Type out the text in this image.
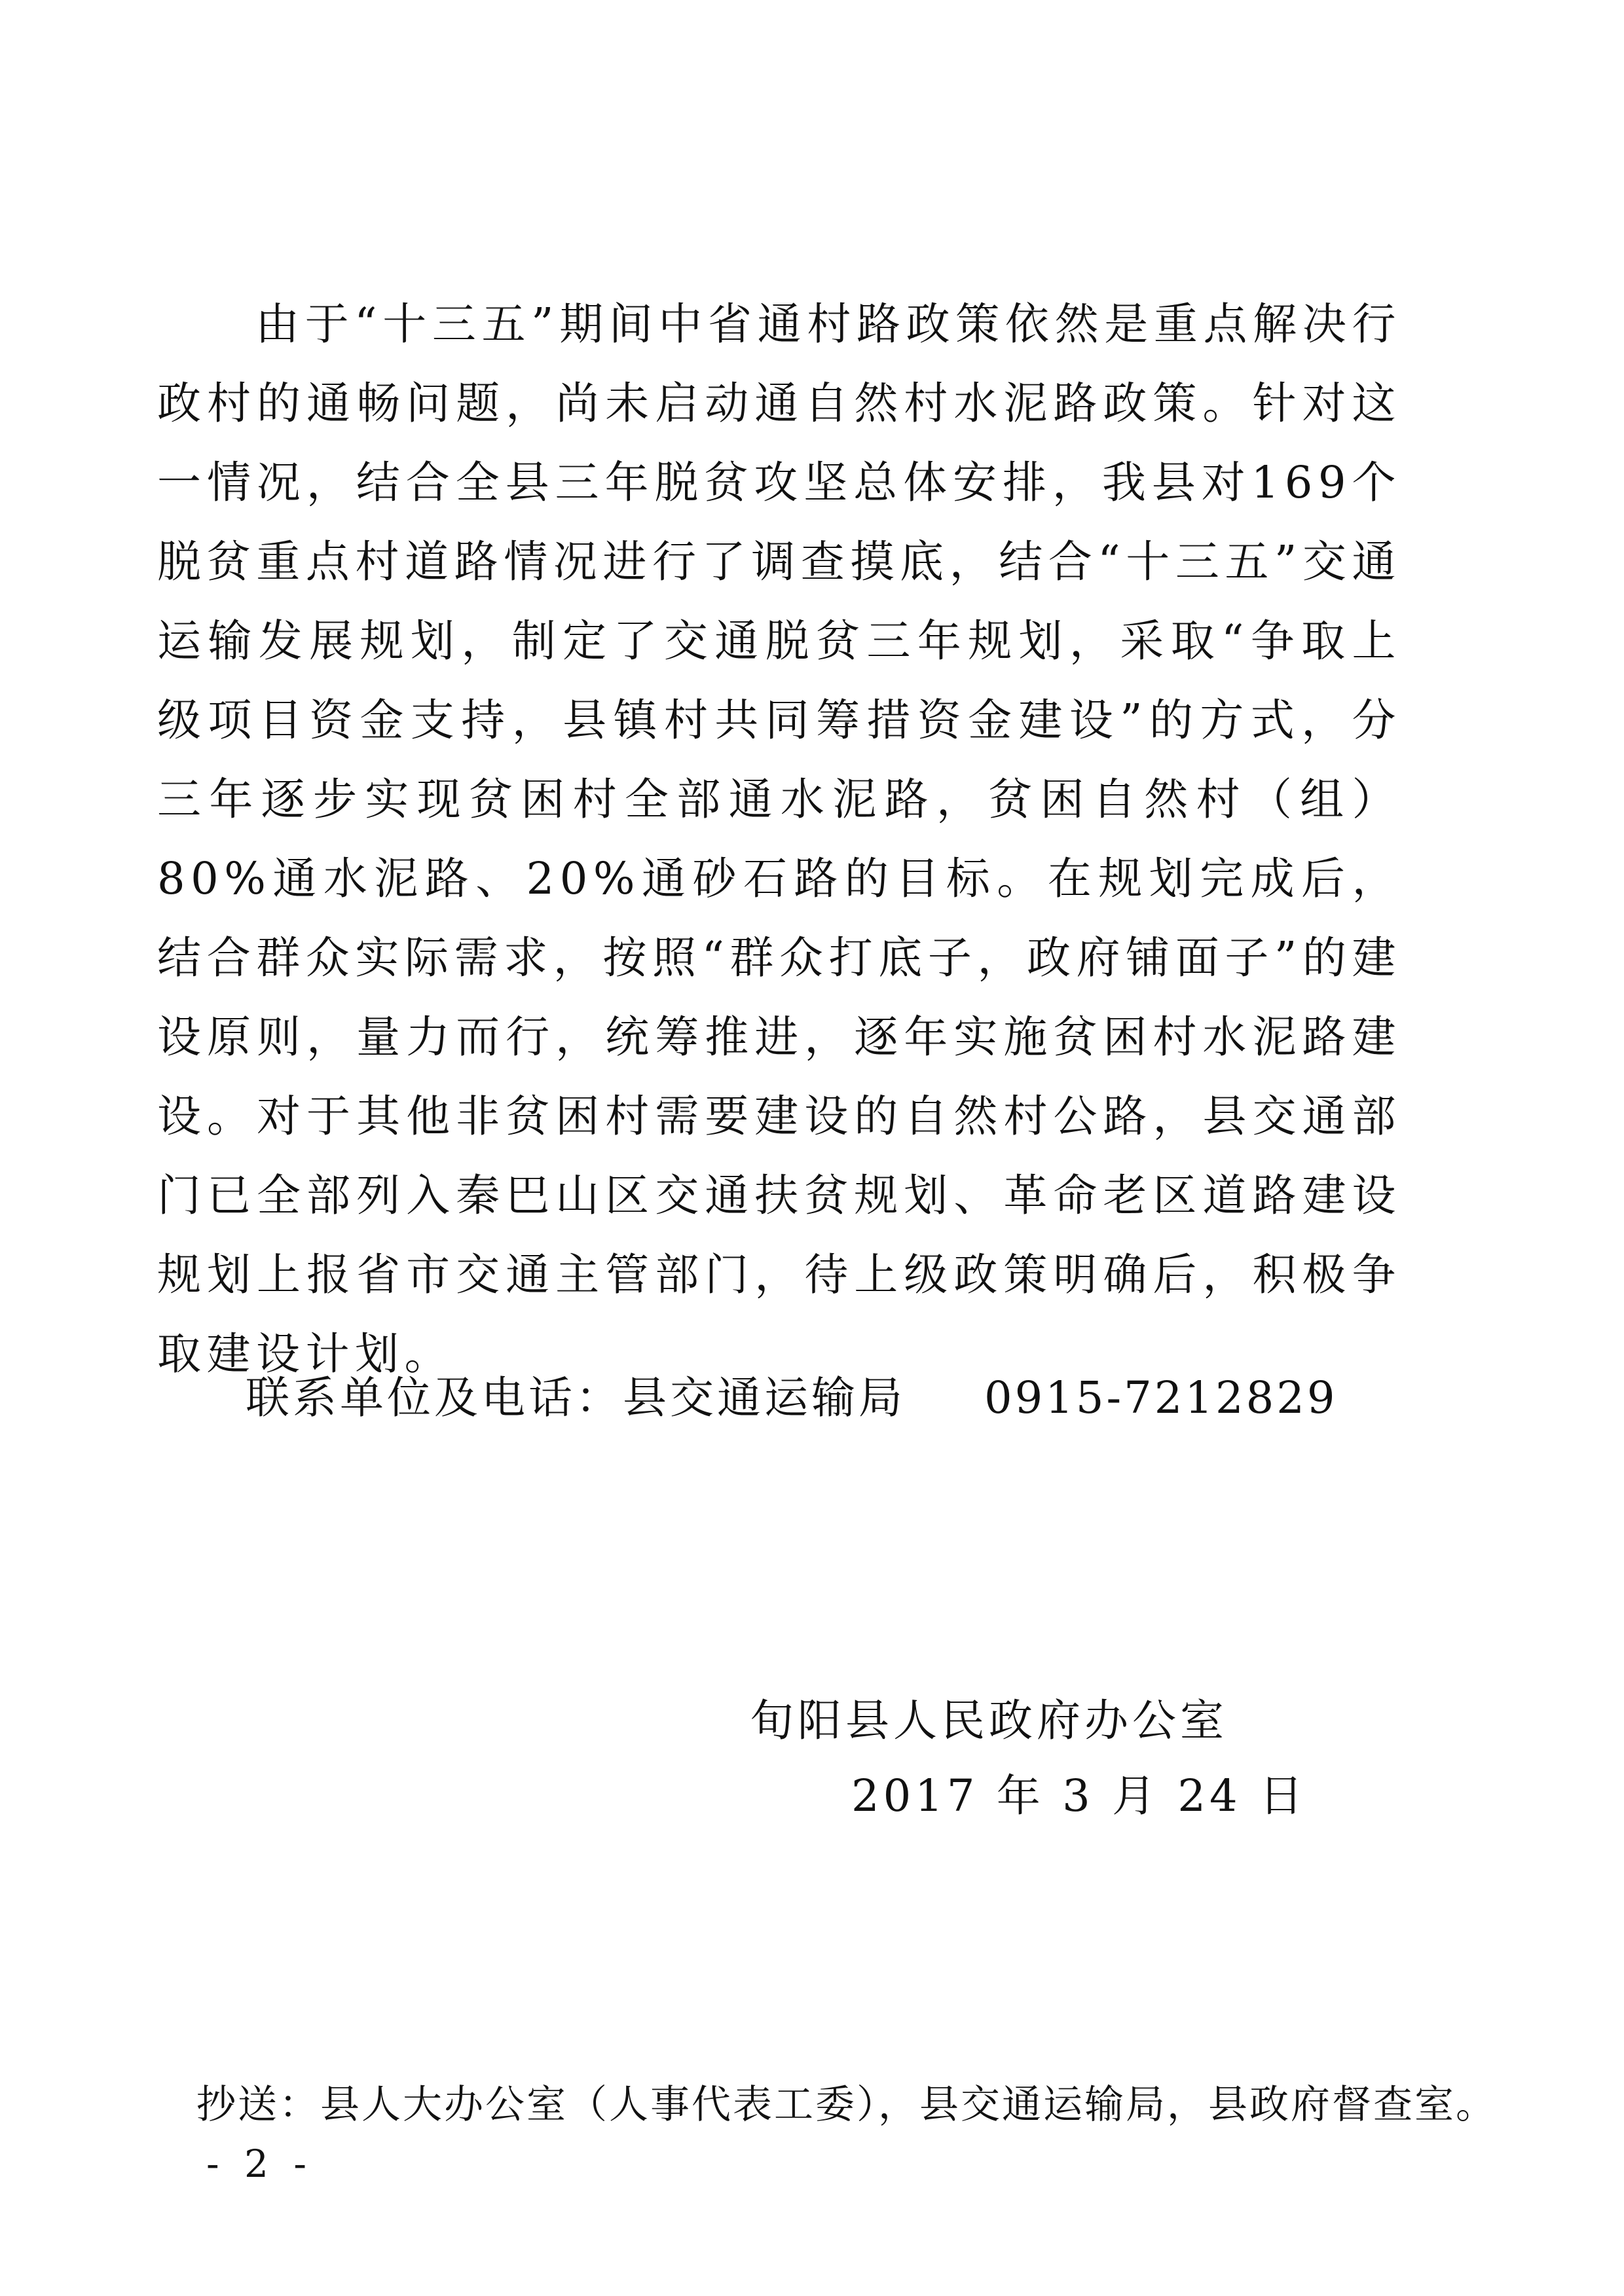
由于“十三五”期间中省通村路政策依然是重点解决行政村的通畅问题，尚未启动通自然村水泥路政策。针对这一情况，结合全县三年脱贫攻坚总体安排，我县对169个脱贫重点村道路情况进行了调查摸底，结合“十三五”交通运输发展规划，制定了交通脱贫三年规划，采取“争取上级项目资金支持，县镇村共同筹措资金建设”的方式，分三年逐步实现贫困村全部通水泥路，贫困自然村（组）80%通水泥路、20%通砂石路的目标。在规划完成后，结合群众实际需求，按照“群众打底子，政府铺面子”的建设原则，量力而行，统筹推进，逐年实施贫困村水泥路建设。对于其他非贫困村需要建设的自然村公路，县交通部门已全部列入秦巴山区交通扶贫规划、革命老区道路建设规划上报省市交通主管部门，待上级政策明确后，积极争取建设计划。

联系单位及电话：县交通运输局 0915-7212829
旬阳县人民政府办公室
2017 年 3 月 24 日
抄送：县人大办公室（人事代表工委），县交通运输局，县政府督查室。
- 2 -
